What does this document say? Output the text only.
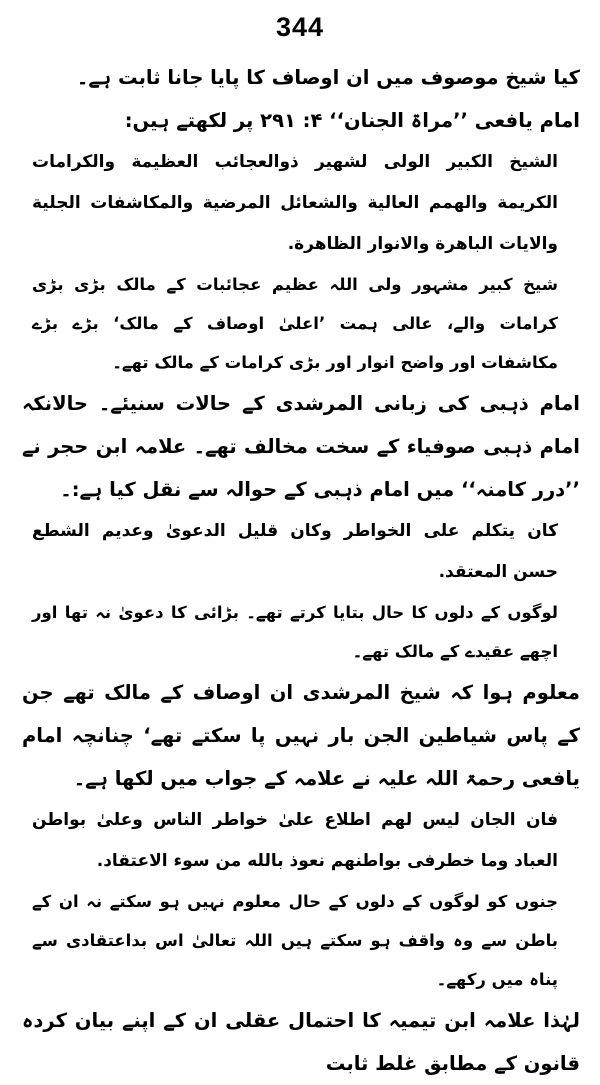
344

کیا شیخ موصوف میں ان اوصاف کا پایا جانا ثابت ہے۔

امام یافعی ’’مراۃ الجنان‘‘ ۴: ۲۹۱ پر لکھتے ہیں:

الشيخ الكبير الولى لشهير ذوالعجائب العظيمة والكرامات الكريمة والهمم العالية والشعائل المرضية والمكاشفات الجلية والايات الباهرة والانوار الظاهرة.

شیخ کبیر مشہور ولی اللہ عظیم عجائبات کے مالک بڑی بڑی کرامات والے، عالی ہمت ’اعلیٰ اوصاف کے مالک‘ بڑے بڑے مکاشفات اور واضح انوار اور بڑی کرامات کے مالک تھے۔

امام ذہبی کی زبانی المرشدی کے حالات سنیئے۔ حالانکہ امام ذہبی صوفیاء کے سخت مخالف تھے۔ علامہ ابن حجر نے ’’درر کامنہ‘‘ میں امام ذہبی کے حوالہ سے نقل کیا ہے:۔

كان يتكلم على الخواطر وكان قليل الدعوىٰ وعديم الشطع حسن المعتقد.

لوگوں کے دلوں کا حال بتایا کرتے تھے۔ بڑائی کا دعویٰ نہ تھا اور اچھے عقیدے کے مالک تھے۔

معلوم ہوا کہ شیخ المرشدی ان اوصاف کے مالک تھے جن کے پاس شیاطین الجن بار نہیں پا سکتے تھے‘ چنانچہ امام یافعی رحمۃ اللہ علیہ نے علامہ کے جواب میں لکھا ہے۔

فان الجان ليس لهم اطلاع علىٰ خواطر الناس وعلىٰ بواطن العباد وما خطرفى بواطنهم نعوذ بالله من سوء الاعتقاد.

جنوں کو لوگوں کے دلوں کے حال معلوم نہیں ہو سکتے نہ ان کے باطن سے وہ واقف ہو سکتے ہیں اللہ تعالیٰ اس بداعتقادی سے پناہ میں رکھے۔

لہٰذا علامہ ابن تیمیہ کا احتمال عقلی ان کے اپنے بیان کردہ قانون کے مطابق غلط ثابت
